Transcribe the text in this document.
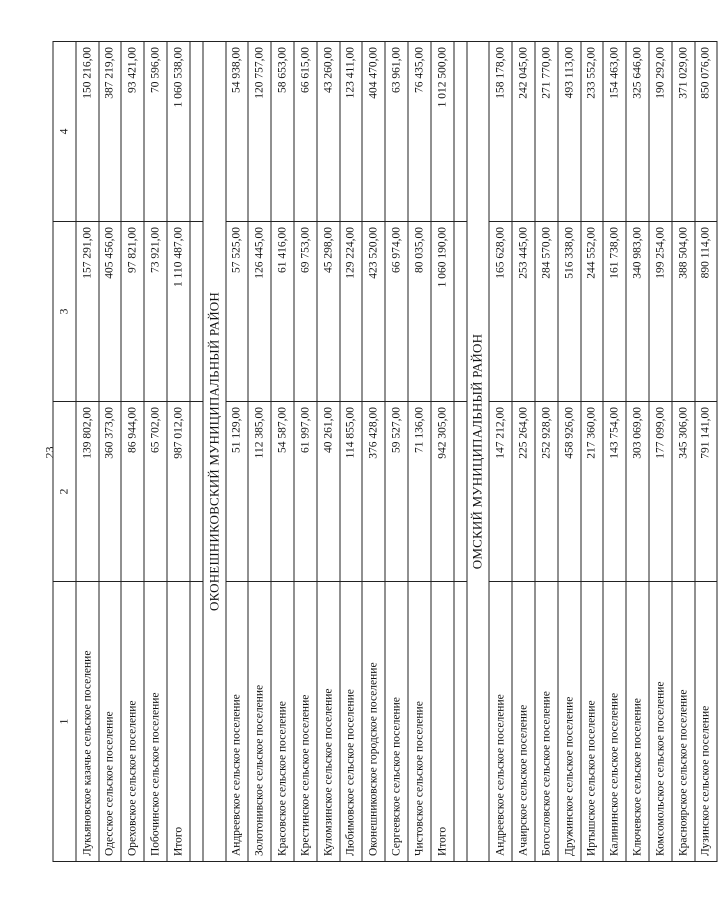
23
1	2	3	4
Лукьяновское казачье сельское поселение	139 802,00	157 291,00	150 216,00
Одесское сельское поселение	360 373,00	405 456,00	387 219,00
Ореховское сельское поселение	86 944,00	97 821,00	93 421,00
Побочинское сельское поселение	65 702,00	73 921,00	70 596,00
Итого	987 012,00	1 110 487,00	1 060 538,00

ОКОНЕШНИКОВСКИЙ МУНИЦИПАЛЬНЫЙ РАЙОН			
Андреевское сельское поселение	51 129,00	57 525,00	54 938,00
Золотонивское сельское поселение	112 385,00	126 445,00	120 757,00
Красовское сельское поселение	54 587,00	61 416,00	58 653,00
Крестинское сельское поселение	61 997,00	69 753,00	66 615,00
Куломзинское сельское поселение	40 261,00	45 298,00	43 260,00
Любимовское сельское поселение	114 855,00	129 224,00	123 411,00
Оконешниковское городское поселение	376 428,00	423 520,00	404 470,00
Сергеевское сельское поселение	59 527,00	66 974,00	63 961,00
Чистовское сельское поселение	71 136,00	80 035,00	76 435,00
Итого	942 305,00	1 060 190,00	1 012 500,00

ОМСКИЙ МУНИЦИПАЛЬНЫЙ РАЙОН			
Андреевское сельское поселение	147 212,00	165 628,00	158 178,00
Ачаирское сельское поселение	225 264,00	253 445,00	242 045,00
Богословское сельское поселение	252 928,00	284 570,00	271 770,00
Дружинское сельское поселение	458 926,00	516 338,00	493 113,00
Иртышское сельское поселение	217 360,00	244 552,00	233 552,00
Калининское сельское поселение	143 754,00	161 738,00	154 463,00
Ключевское сельское поселение	303 069,00	340 983,00	325 646,00
Комсомольское сельское поселение	177 099,00	199 254,00	190 292,00
Красноярское сельское поселение	345 306,00	388 504,00	371 029,00
Лузинское сельское поселение	791 141,00	890 114,00	850 076,00
